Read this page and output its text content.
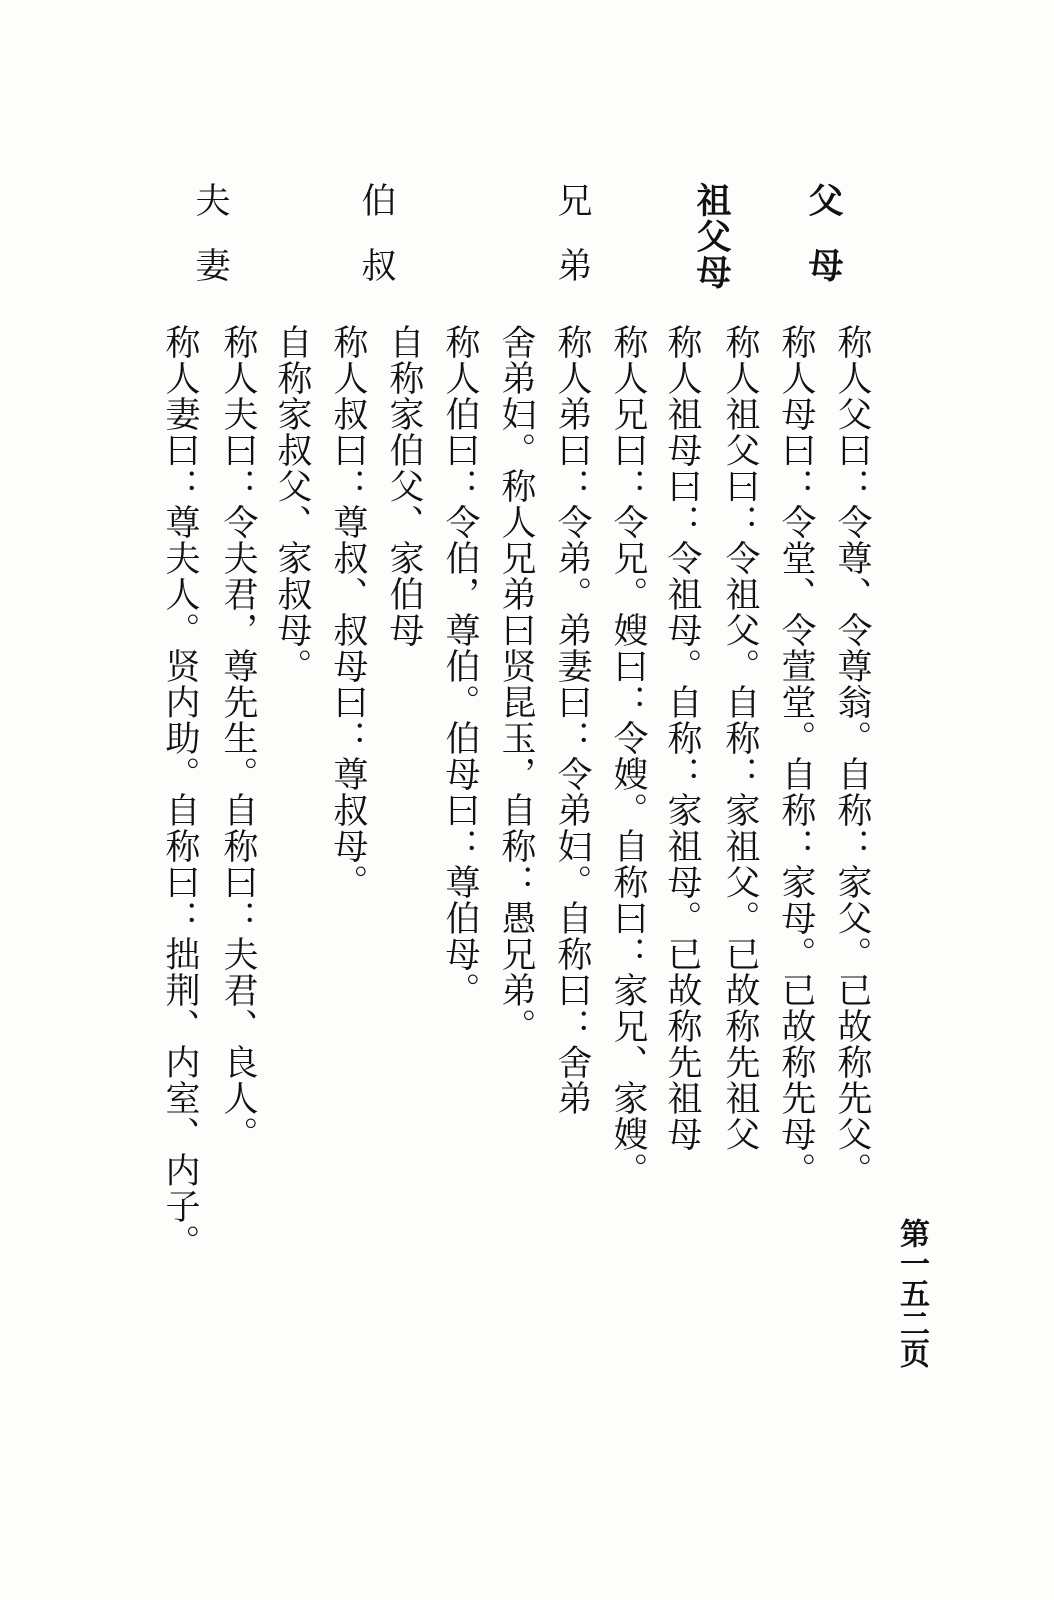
父母
称人父曰：令尊、令尊翁。自称：家父。已故称先父。
称人母曰：令堂、令萱堂。自称：家母。已故称先母。
祖父母
称人祖父曰：令祖父。自称：家祖父。已故称先祖父
称人祖母曰：令祖母。自称：家祖母。已故称先祖母
兄弟
称人兄曰：令兄。嫂曰：令嫂。自称曰：家兄、家嫂。
称人弟曰：令弟。弟妻曰：令弟妇。自称曰：舍弟
舍弟妇。称人兄弟曰贤昆玉，自称：愚兄弟。
伯叔
称人伯曰：令伯，尊伯。伯母曰：尊伯母。
自称家伯父、家伯母
称人叔曰：尊叔、叔母曰：尊叔母。
自称家叔父、家叔母。
夫妻
称人夫曰：令夫君，尊先生。自称曰：夫君、良人。
称人妻曰：尊夫人。贤内助。自称曰：拙荆、内室、内子。
第一五二页
